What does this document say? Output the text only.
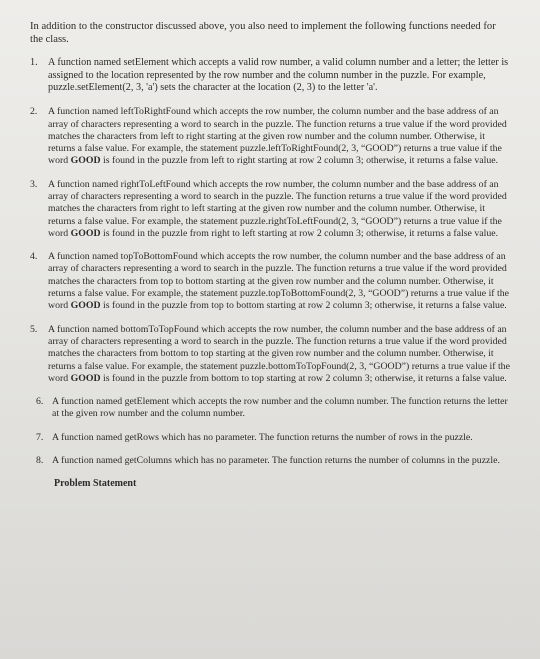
In addition to the constructor discussed above, you also need to implement the following functions needed for the class.

1. A function named setElement which accepts a valid row number, a valid column number and a letter; the letter is assigned to the location represented by the row number and the column number in the puzzle. For example, puzzle.setElement(2, 3, 'a') sets the character at the location (2, 3) to the letter 'a'.
2. A function named leftToRightFound which accepts the row number, the column number and the base address of an array of characters representing a word to search in the puzzle. The function returns a true value if the word provided matches the characters from left to right starting at the given row number and the column number. Otherwise, it returns a false value. For example, the statement puzzle.leftToRightFound(2, 3, “GOOD”) returns a true value if the word GOOD is found in the puzzle from left to right starting at row 2 column 3; otherwise, it returns a false value.
3. A function named rightToLeftFound which accepts the row number, the column number and the base address of an array of characters representing a word to search in the puzzle. The function returns a true value if the word provided matches the characters from right to left starting at the given row number and the column number. Otherwise, it returns a false value. For example, the statement puzzle.rightToLeftFound(2, 3, “GOOD”) returns a true value if the word GOOD is found in the puzzle from right to left starting at row 2 column 3; otherwise, it returns a false value.
4. A function named topToBottomFound which accepts the row number, the column number and the base address of an array of characters representing a word to search in the puzzle. The function returns a true value if the word provided matches the characters from top to bottom starting at the given row number and the column number. Otherwise, it returns a false value. For example, the statement puzzle.topToBottomFound(2, 3, “GOOD”) returns a true value if the word GOOD is found in the puzzle from top to bottom starting at row 2 column 3; otherwise, it returns a false value.
5. A function named bottomToTopFound which accepts the row number, the column number and the base address of an array of characters representing a word to search in the puzzle. The function returns a true value if the word provided matches the characters from bottom to top starting at the given row number and the column number. Otherwise, it returns a false value. For example, the statement puzzle.bottomToTopFound(2, 3, “GOOD”) returns a true value if the word GOOD is found in the puzzle from bottom to top starting at row 2 column 3; otherwise, it returns a false value.
6. A function named getElement which accepts the row number and the column number. The function returns the letter at the given row number and the column number.
7. A function named getRows which has no parameter. The function returns the number of rows in the puzzle.
8. A function named getColumns which has no parameter. The function returns the number of columns in the puzzle.
Problem Statement
